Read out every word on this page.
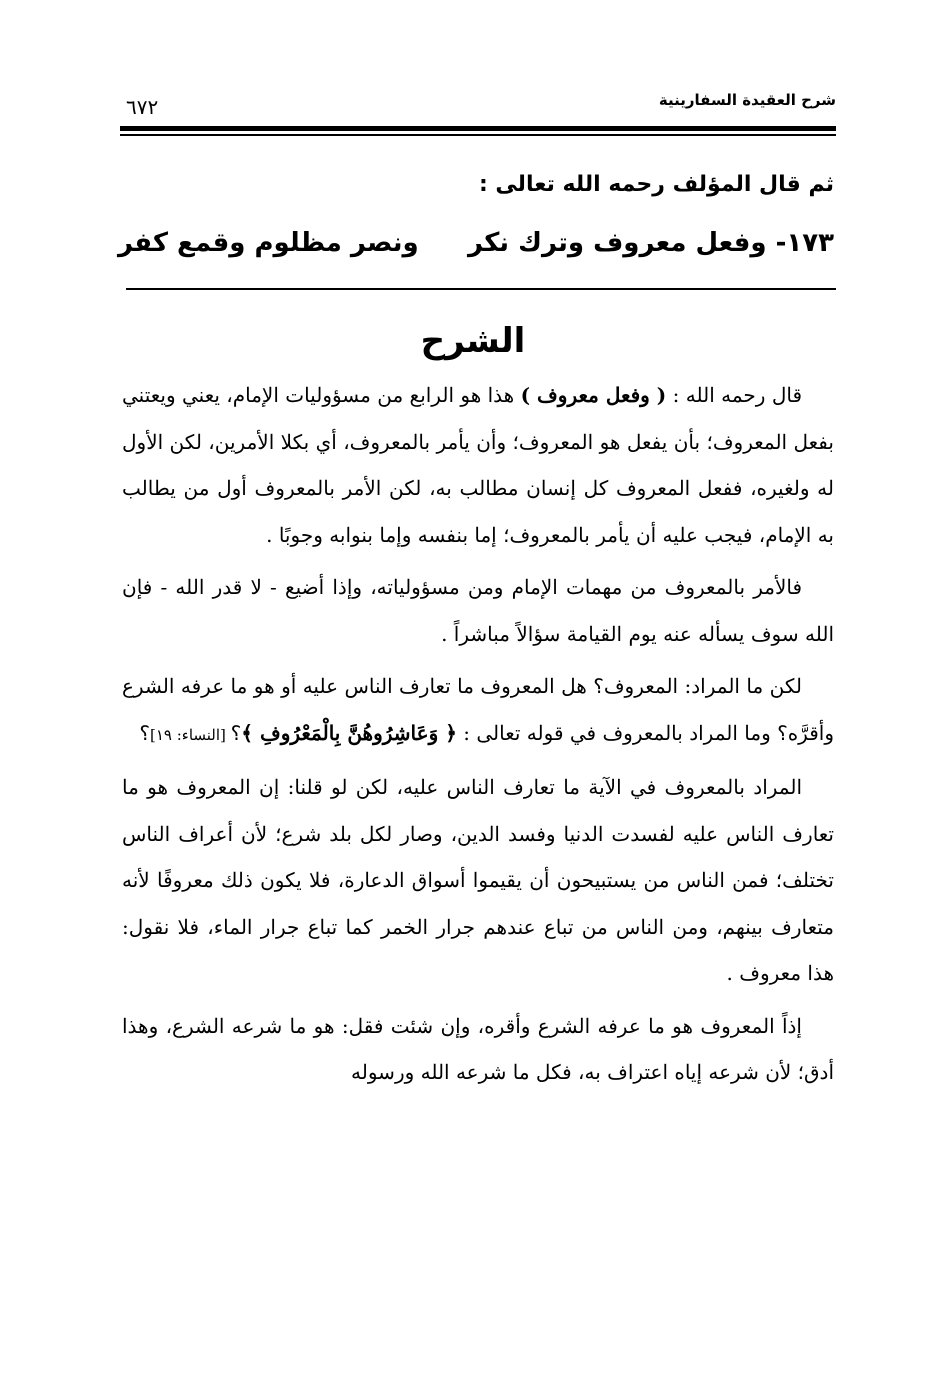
شرح العقيدة السفارينية
٦٧٢
ثم قال المؤلف رحمه الله تعالى :
١٧٣- وفعل معروف وترك نكر
ونصر مظلوم وقمع كفر
الشرح

قال رحمه الله : ( وفعل معروف ) هذا هو الرابع من مسؤوليات الإمام، يعني ويعتني بفعل المعروف؛ بأن يفعل هو المعروف؛ وأن يأمر بالمعروف، أي بكلا الأمرين، لكن الأول له ولغيره، ففعل المعروف كل إنسان مطالب به، لكن الأمر بالمعروف أول من يطالب به الإمام، فيجب عليه أن يأمر بالمعروف؛ إما بنفسه وإما بنوابه وجوبًا .

فالأمر بالمعروف من مهمات الإمام ومن مسؤولياته، وإذا أضيع - لا قدر الله - فإن الله سوف يسأله عنه يوم القيامة سؤالاً مباشراً .

لكن ما المراد: المعروف؟ هل المعروف ما تعارف الناس عليه أو هو ما عرفه الشرع وأقرَّه؟ وما المراد بالمعروف في قوله تعالى : ﴿ وَعَاشِرُوهُنَّ بِالْمَعْرُوفِ ﴾؟ [النساء: ١٩]؟

المراد بالمعروف في الآية ما تعارف الناس عليه، لكن لو قلنا: إن المعروف هو ما تعارف الناس عليه لفسدت الدنيا وفسد الدين، وصار لكل بلد شرع؛ لأن أعراف الناس تختلف؛ فمن الناس من يستبيحون أن يقيموا أسواق الدعارة، فلا يكون ذلك معروفًا لأنه متعارف بينهم، ومن الناس من تباع عندهم جرار الخمر كما تباع جرار الماء، فلا نقول: هذا معروف .

إذاً المعروف هو ما عرفه الشرع وأقره، وإن شئت فقل: هو ما شرعه الشرع، وهذا أدق؛ لأن شرعه إياه اعتراف به، فكل ما شرعه الله ورسوله
